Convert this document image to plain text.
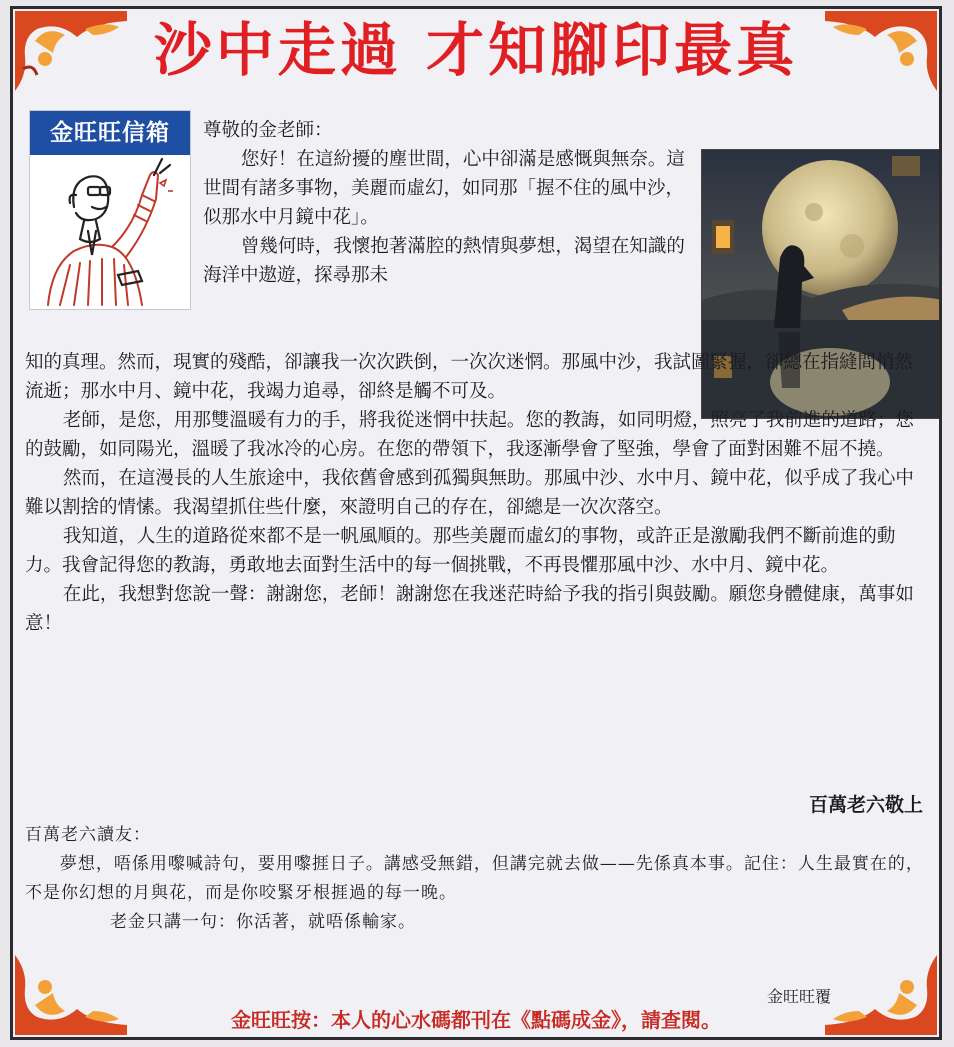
沙中走過 才知腳印最真
金旺旺信箱	尊敬的金老師：

您好！在這紛擾的塵世間，心中卻滿是感慨與無奈。這世間有諸多事物，美麗而虛幻，如同那「握不住的風中沙，似那水中月鏡中花」。

曾幾何時，我懷抱著滿腔的熱情與夢想，渴望在知識的海洋中遨遊，探尋那未

知的真理。然而，現實的殘酷，卻讓我一次次跌倒，一次次迷惘。那風中沙，我試圖緊握，卻總在指縫間悄然流逝；那水中月、鏡中花，我竭力追尋，卻終是觸不可及。

老師，是您，用那雙溫暖有力的手，將我從迷惘中扶起。您的教誨，如同明燈，照亮了我前進的道路；您的鼓勵，如同陽光，溫暖了我冰冷的心房。在您的帶領下，我逐漸學會了堅強，學會了面對困難不屈不撓。

然而，在這漫長的人生旅途中，我依舊會感到孤獨與無助。那風中沙、水中月、鏡中花，似乎成了我心中難以割捨的情愫。我渴望抓住些什麼，來證明自己的存在，卻總是一次次落空。

我知道，人生的道路從來都不是一帆風順的。那些美麗而虛幻的事物，或許正是激勵我們不斷前進的動力。我會記得您的教誨，勇敢地去面對生活中的每一個挑戰，不再畏懼那風中沙、水中月、鏡中花。

在此，我想對您說一聲：謝謝您，老師！謝謝您在我迷茫時給予我的指引與鼓勵。願您身體健康，萬事如意！

百萬老六敬上

百萬老六讀友：

夢想，唔係用嚟喊詩句，要用嚟捱日子。講感受無錯，但講完就去做——先係真本事。記住：人生最實在的，不是你幻想的月與花，而是你咬緊牙根捱過的每一晚。

老金只講一句：你活著，就唔係輸家。

金旺旺覆
金旺旺按：本人的心水碼都刊在《點碼成金》，請查閱。
